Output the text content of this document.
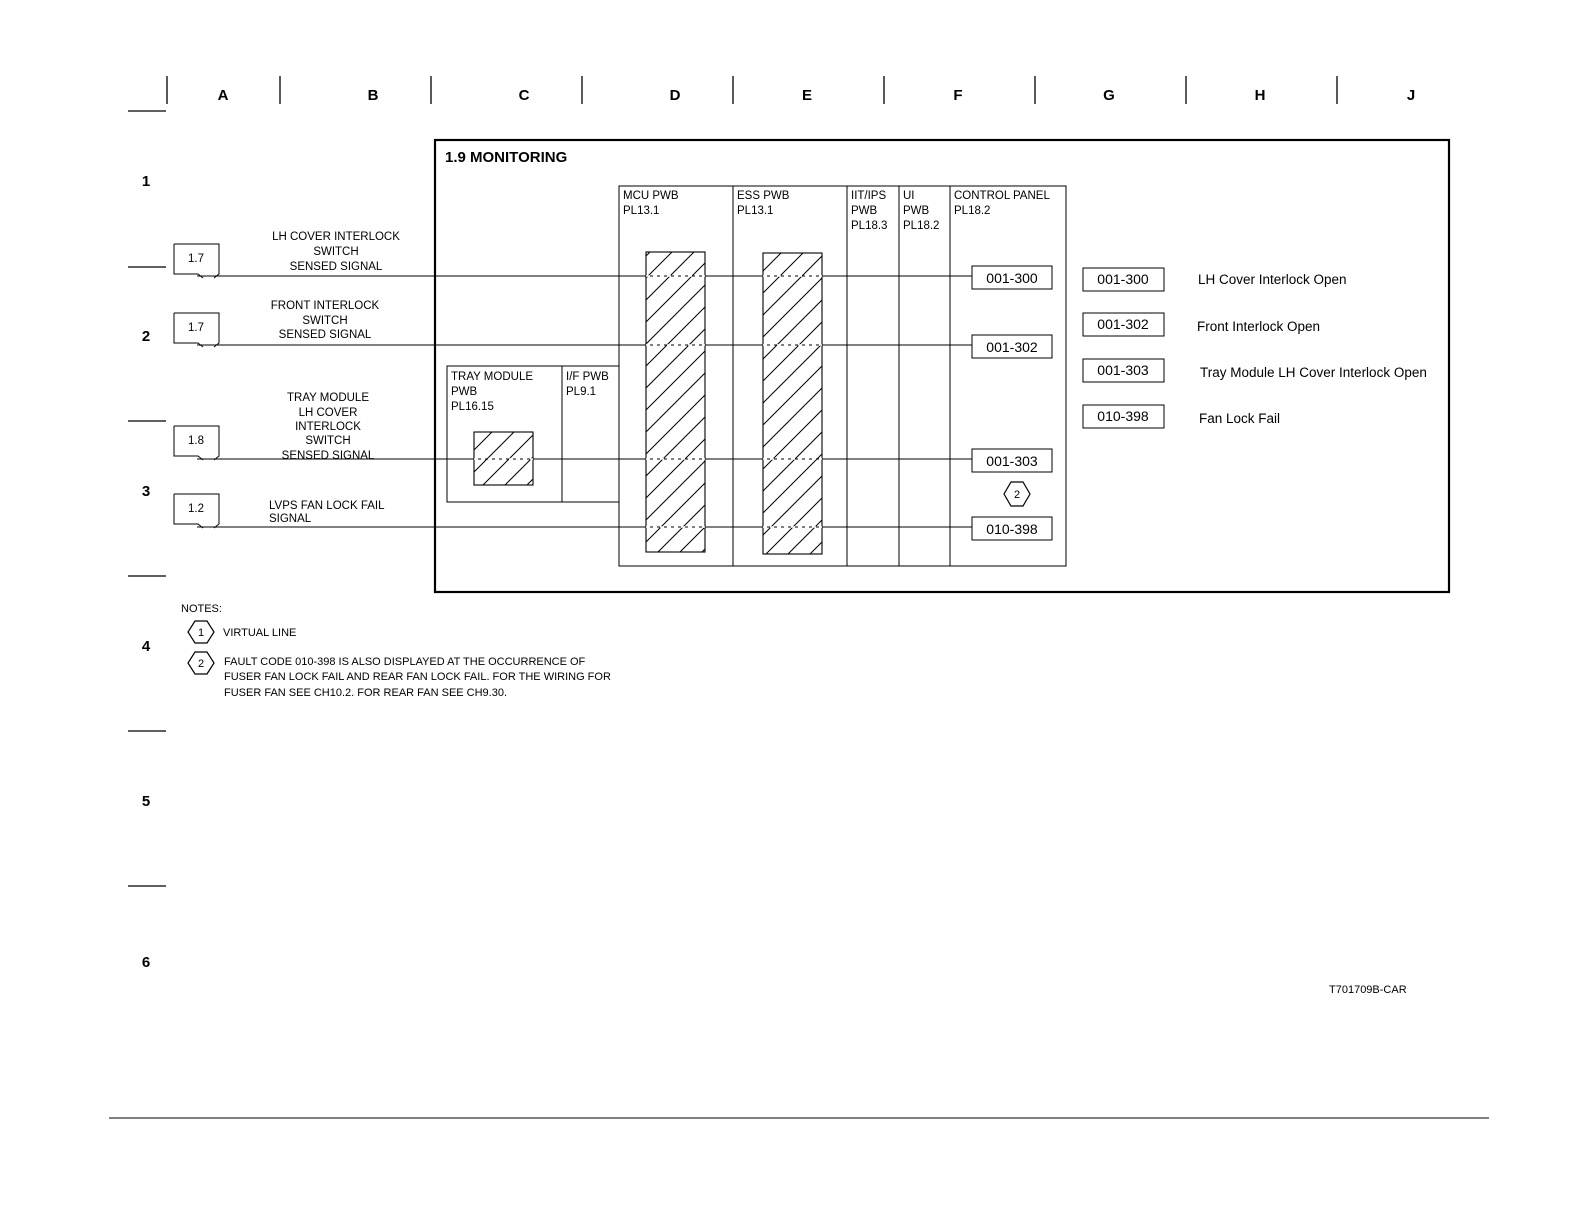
A	B	C	D	E	F	G	H	J
1
2
3
4
5
6
1.9 MONITORING
MCU PWB
PL13.1
ESS PWB
PL13.1
IIT/IPS
PWB
PL18.3
UI
PWB
PL18.2
CONTROL PANEL
PL18.2
TRAY MODULE
PWB
PL16.15
I/F PWB
PL9.1
1.7
1.7
1.8
1.2
LH COVER INTERLOCK
SWITCH
SENSED SIGNAL
FRONT INTERLOCK
SWITCH
SENSED SIGNAL
TRAY MODULE
LH COVER
INTERLOCK
SWITCH
SENSED SIGNAL
LVPS FAN LOCK FAIL
SIGNAL
001-300
001-302
001-303
010-398
2
001-300	LH Cover Interlock Open
001-302	Front Interlock Open
001-303	Tray Module LH Cover Interlock Open
010-398	Fan Lock Fail
NOTES:
1 VIRTUAL LINE
2 FAULT CODE 010-398 IS ALSO DISPLAYED AT THE OCCURRENCE OF
FUSER FAN LOCK FAIL AND REAR FAN LOCK FAIL. FOR THE WIRING FOR
FUSER FAN SEE CH10.2. FOR REAR FAN SEE CH9.30.
T701709B-CAR
